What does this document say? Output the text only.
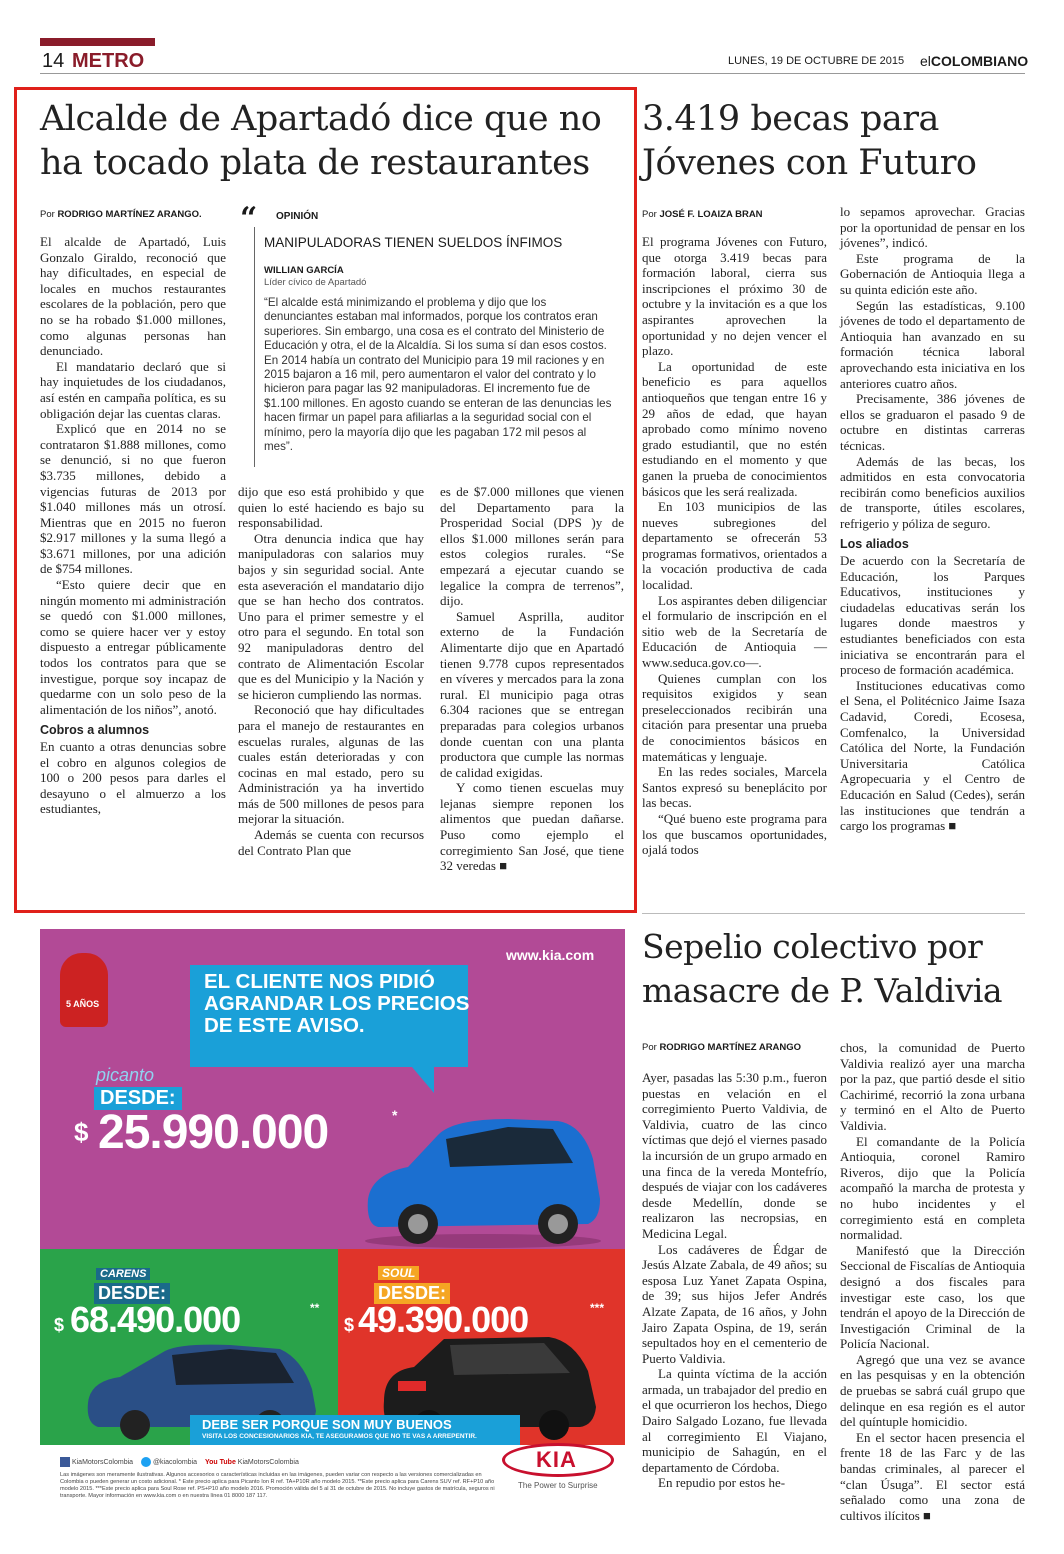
14 METRO	LUNES, 19 DE OCTUBRE DE 2015 elCOLOMBIANO
Alcalde de Apartadó dice que no
ha tocado plata de restaurantes
Por RODRIGO MARTÍNEZ ARANGO.

El alcalde de Apartadó, Luis Gonzalo Giraldo, reconoció que hay dificultades, en especial de locales en muchos restaurantes escolares de la población, pero que no se ha robado $1.000 millones, como algunas personas han denunciado.

El mandatario declaró que si hay inquietudes de los ciudadanos, así estén en campaña política, es su obligación dejar las cuentas claras.

Explicó que en 2014 no se contrataron $1.888 millones, como se denunció, si no que fueron $3.735 millones, debido a vigencias futuras de 2013 por $1.040 millones más un otrosí. Mientras que en 2015 no fueron $2.917 millones y la suma llegó a $3.671 millones, por una adición de $754 millones.

“Esto quiere decir que en ningún momento mi administración se quedó con $1.000 millones, como se quiere hacer ver y estoy dispuesto a entregar públicamente todos los contratos para que se investigue, porque soy incapaz de quedarme con un solo peso de la alimentación de los niños”, anotó.

Cobros a alumnos

En cuanto a otras denuncias sobre el cobro en algunos colegios de 100 o 200 pesos para darles el desayuno o el almuerzo a los estudiantes,

“ OPINIÓN
MANIPULADORAS TIENEN SUELDOS ÍNFIMOS
WILLIAN GARCÍA
Líder cívico de Apartadó
“El alcalde está minimizando el problema y dijo que los denunciantes estaban mal informados, porque los contratos eran superiores. Sin embargo, una cosa es el contrato del Ministerio de Educación y otra, el de la Alcaldía. Si los suma sí dan esos costos. En 2014 había un contrato del Municipio para 19 mil raciones y en 2015 bajaron a 16 mil, pero aumentaron el valor del contrato y lo hicieron para pagar las 92 manipuladoras. El incremento fue de $1.100 millones. En agosto cuando se enteran de las denuncias les hacen firmar un papel para afiliarlas a la seguridad social con el mínimo, pero la mayoría dijo que les pagaban 172 mil pesos al mes”.

dijo que eso está prohibido y que quien lo esté haciendo es bajo su responsabilidad.

Otra denuncia indica que hay manipuladoras con salarios muy bajos y sin seguridad social. Ante esta aseveración el mandatario dijo que se han hecho dos contratos. Uno para el primer semestre y el otro para el segundo. En total son 92 manipuladoras dentro del contrato de Alimentación Escolar que es del Municipio y la Nación y se hicieron cumpliendo las normas.

Reconoció que hay dificultades para el manejo de restaurantes en escuelas rurales, algunas de las cuales están deterioradas y con cocinas en mal estado, pero su Administración ya ha invertido más de 500 millones de pesos para mejorar la situación.

Además se cuenta con recursos del Contrato Plan que

es de $7.000 millones que vienen del Departamento para la Prosperidad Social (DPS )y de ellos $1.000 millones serán para estos colegios rurales. “Se empezará a ejecutar cuando se legalice la compra de terrenos”, dijo.

Samuel Asprilla, auditor externo de la Fundación Alimentarte dijo que en Apartadó tienen 9.778 cupos representados en víveres y mercados para la zona rural. El municipio paga otras 6.304 raciones que se entregan preparadas para colegios urbanos donde cuentan con una planta productora que cumple las normas de calidad exigidas.

Y como tienen escuelas muy lejanas siempre reponen los alimentos que puedan dañarse. Puso como ejemplo el corregimiento San José, que tiene 32 veredas ■

3.419 becas para
Jóvenes con Futuro
Por JOSÉ F. LOAIZA BRAN

El programa Jóvenes con Futuro, que otorga 3.419 becas para formación laboral, cierra sus inscripciones el próximo 30 de octubre y la invitación es a que los aspirantes aprovechen la oportunidad y no dejen vencer el plazo.

La oportunidad de este beneficio es para aquellos antioqueños que tengan entre 16 y 29 años de edad, que hayan aprobado como mínimo noveno grado estudiantil, que no estén estudiando en el momento y que ganen la prueba de conocimientos básicos que les será realizada.

En 103 municipios de las nueves subregiones del departamento se ofrecerán 53 programas formativos, orientados a la vocación productiva de cada localidad.

Los aspirantes deben diligenciar el formulario de inscripción en el sitio web de la Secretaría de Educación de Antioquia —www.seduca.gov.co—.

Quienes cumplan con los requisitos exigidos y sean preseleccionados recibirán una citación para presentar una prueba de conocimientos básicos en matemáticas y lenguaje.

En las redes sociales, Marcela Santos expresó su beneplácito por las becas.

“Qué bueno este programa para los que buscamos oportunidades, ojalá todos

lo sepamos aprovechar. Gracias por la oportunidad de pensar en los jóvenes”, indicó.

Este programa de la Gobernación de Antioquia llega a su quinta edición este año.

Según las estadísticas, 9.100 jóvenes de todo el departamento de Antioquia han avanzado en su formación técnica laboral aprovechando esta iniciativa en los anteriores cuatro años.

Precisamente, 386 jóvenes de ellos se graduaron el pasado 9 de octubre en distintas carreras técnicas.

Además de las becas, los admitidos en esta convocatoria recibirán como beneficios auxilios de transporte, útiles escolares, refrigerio y póliza de seguro.

Los aliados

De acuerdo con la Secretaría de Educación, los Parques Educativos, instituciones y ciudadelas educativas serán los lugares donde maestros y estudiantes beneficiados con esta iniciativa se encontrarán para el proceso de formación académica.

Instituciones educativas como el Sena, el Politécnico Jaime Isaza Cadavid, Coredi, Ecosesa, Comfenalco, la Universidad Católica del Norte, la Fundación Universitaria Católica Agropecuaria y el Centro de Educación en Salud (Cedes), serán las instituciones que tendrán a cargo los programas ■

Sepelio colectivo por
masacre de P. Valdivia
Por RODRIGO MARTÍNEZ ARANGO

Ayer, pasadas las 5:30 p.m., fueron puestas en velación en el corregimiento Puerto Valdivia, de Valdivia, cuatro de las cinco víctimas que dejó el viernes pasado la incursión de un grupo armado en una finca de la vereda Montefrío, después de viajar con los cadáveres desde Medellín, donde se realizaron las necropsias, en Medicina Legal.

Los cadáveres de Édgar de Jesús Alzate Zabala, de 49 años; su esposa Luz Yanet Zapata Ospina, de 39; sus hijos Jefer Andrés Alzate Zapata, de 16 años, y John Jairo Zapata Ospina, de 19, serán sepultados hoy en el cementerio de Puerto Valdivia.

La quinta víctima de la acción armada, un trabajador del predio en el que ocurrieron los hechos, Diego Dairo Salgado Lozano, fue llevada al corregimiento El Viajano, municipio de Sahagún, en el departamento de Córdoba.

En repudio por estos he-

chos, la comunidad de Puerto Valdivia realizó ayer una marcha por la paz, que partió desde el sitio Cachirimé, recorrió la zona urbana y terminó en el Alto de Puerto Valdivia.

El comandante de la Policía Antioquia, coronel Ramiro Riveros, dijo que la Policía acompañó la marcha de protesta y no hubo incidentes y el corregimiento está en completa normalidad.

Manifestó que la Dirección Seccional de Fiscalías de Antioquia designó a dos fiscales para investigar este caso, los que tendrán el apoyo de la Dirección de Investigación Criminal de la Policía Nacional.

Agregó que una vez se avance en las pesquisas y en la obtención de pruebas se sabrá cuál grupo que delinque en esa región es el autor del quíntuple homicidio.

En el sector hacen presencia el frente 18 de las Farc y de las bandas criminales, al parecer el “clan Úsuga”. El sector está señalado como una zona de cultivos ilícitos ■

5 AÑOS
www.kia.com
EL CLIENTE NOS PIDIÓ
AGRANDAR LOS PRECIOS
DE ESTE AVISO.
picanto
DESDE:
$ 25.990.000	*
CARENS
DESDE:
$ 68.490.000	**
SOUL
DESDE:
$ 49.390.000	***
DEBE SER PORQUE SON MUY BUENOS
VISITA LOS CONCESIONARIOS KIA, TE ASEGURAMOS QUE NO TE VAS A ARREPENTIR.
KIA
The Power to Surprise
KiaMotorsColombia	@kiacolombia You Tube KiaMotorsColombia
Las imágenes son meramente ilustrativas. Algunos accesorios o características incluidas en las imágenes, pueden variar con respecto a las versiones comercializadas en Colombia o pueden generar un costo adicional. * Este precio aplica para Picanto Ion R ref. TA+P10R año modelo 2015. **Este precio aplica para Carens SUV ref. RF+P10 año modelo 2015. ***Este precio aplica para Soul Rose ref. PS+P10 año modelo 2016. Promoción válida del 5 al 31 de octubre de 2015. No incluye gastos de matrícula, seguros ni transporte. Mayor información en www.kia.com o en nuestra línea 01 8000 187 117.
